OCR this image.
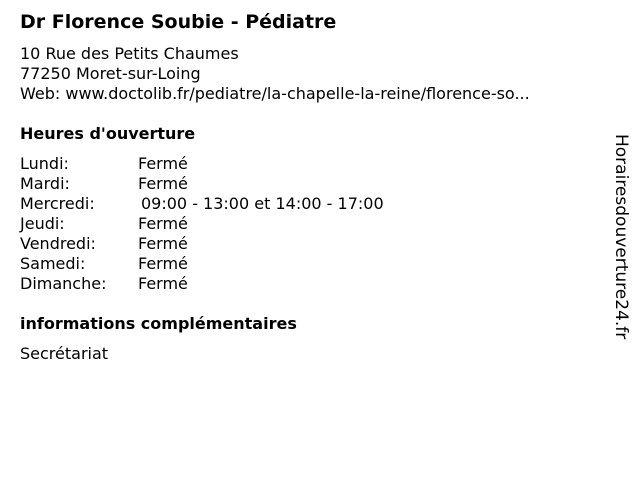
Dr Florence Soubie - Pédiatre
10 Rue des Petits Chaumes
77250 Moret-sur-Loing
Web: www.doctolib.fr/pediatre/la-chapelle-la-reine/florence-so...
Heures d'ouverture
Lundi:	Fermé
Mardi:	Fermé
Mercredi:	09:00 - 13:00 et 14:00 - 17:00
Jeudi:	Fermé
Vendredi:	Fermé
Samedi:	Fermé
Dimanche: Fermé
informations complémentaires
Secrétariat
Horairesdouverture24.fr
